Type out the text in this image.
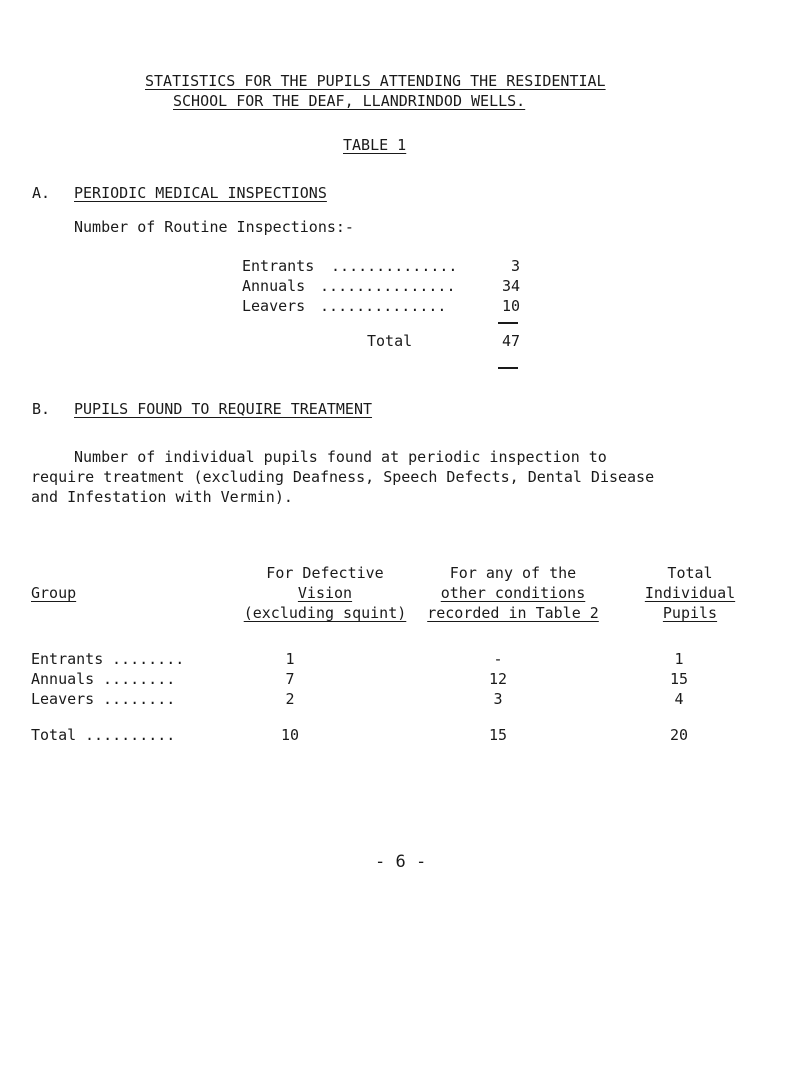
STATISTICS FOR THE PUPILS ATTENDING THE RESIDENTIAL
SCHOOL FOR THE DEAF, LLANDRINDOD WELLS.
TABLE 1
A. PERIODIC MEDICAL INSPECTIONS
Number of Routine Inspections:-
Entrants ..............	3
Annuals ...............	34
Leavers ..............	10
Total	47
B. PUPILS FOUND TO REQUIRE TREATMENT
Number of individual pupils found at periodic inspection to
require treatment (excluding Deafness, Speech Defects, Dental Disease
and Infestation with Vermin).
Group
For Defective
Vision
(excluding squint)
For any of the
other conditions
recorded in Table 2
Total
Individual
Pupils
Entrants ........	1	-	1
Annuals ........	7	12	15
Leavers ........	2	3	4
Total ..........	10	15	20
- 6 -
